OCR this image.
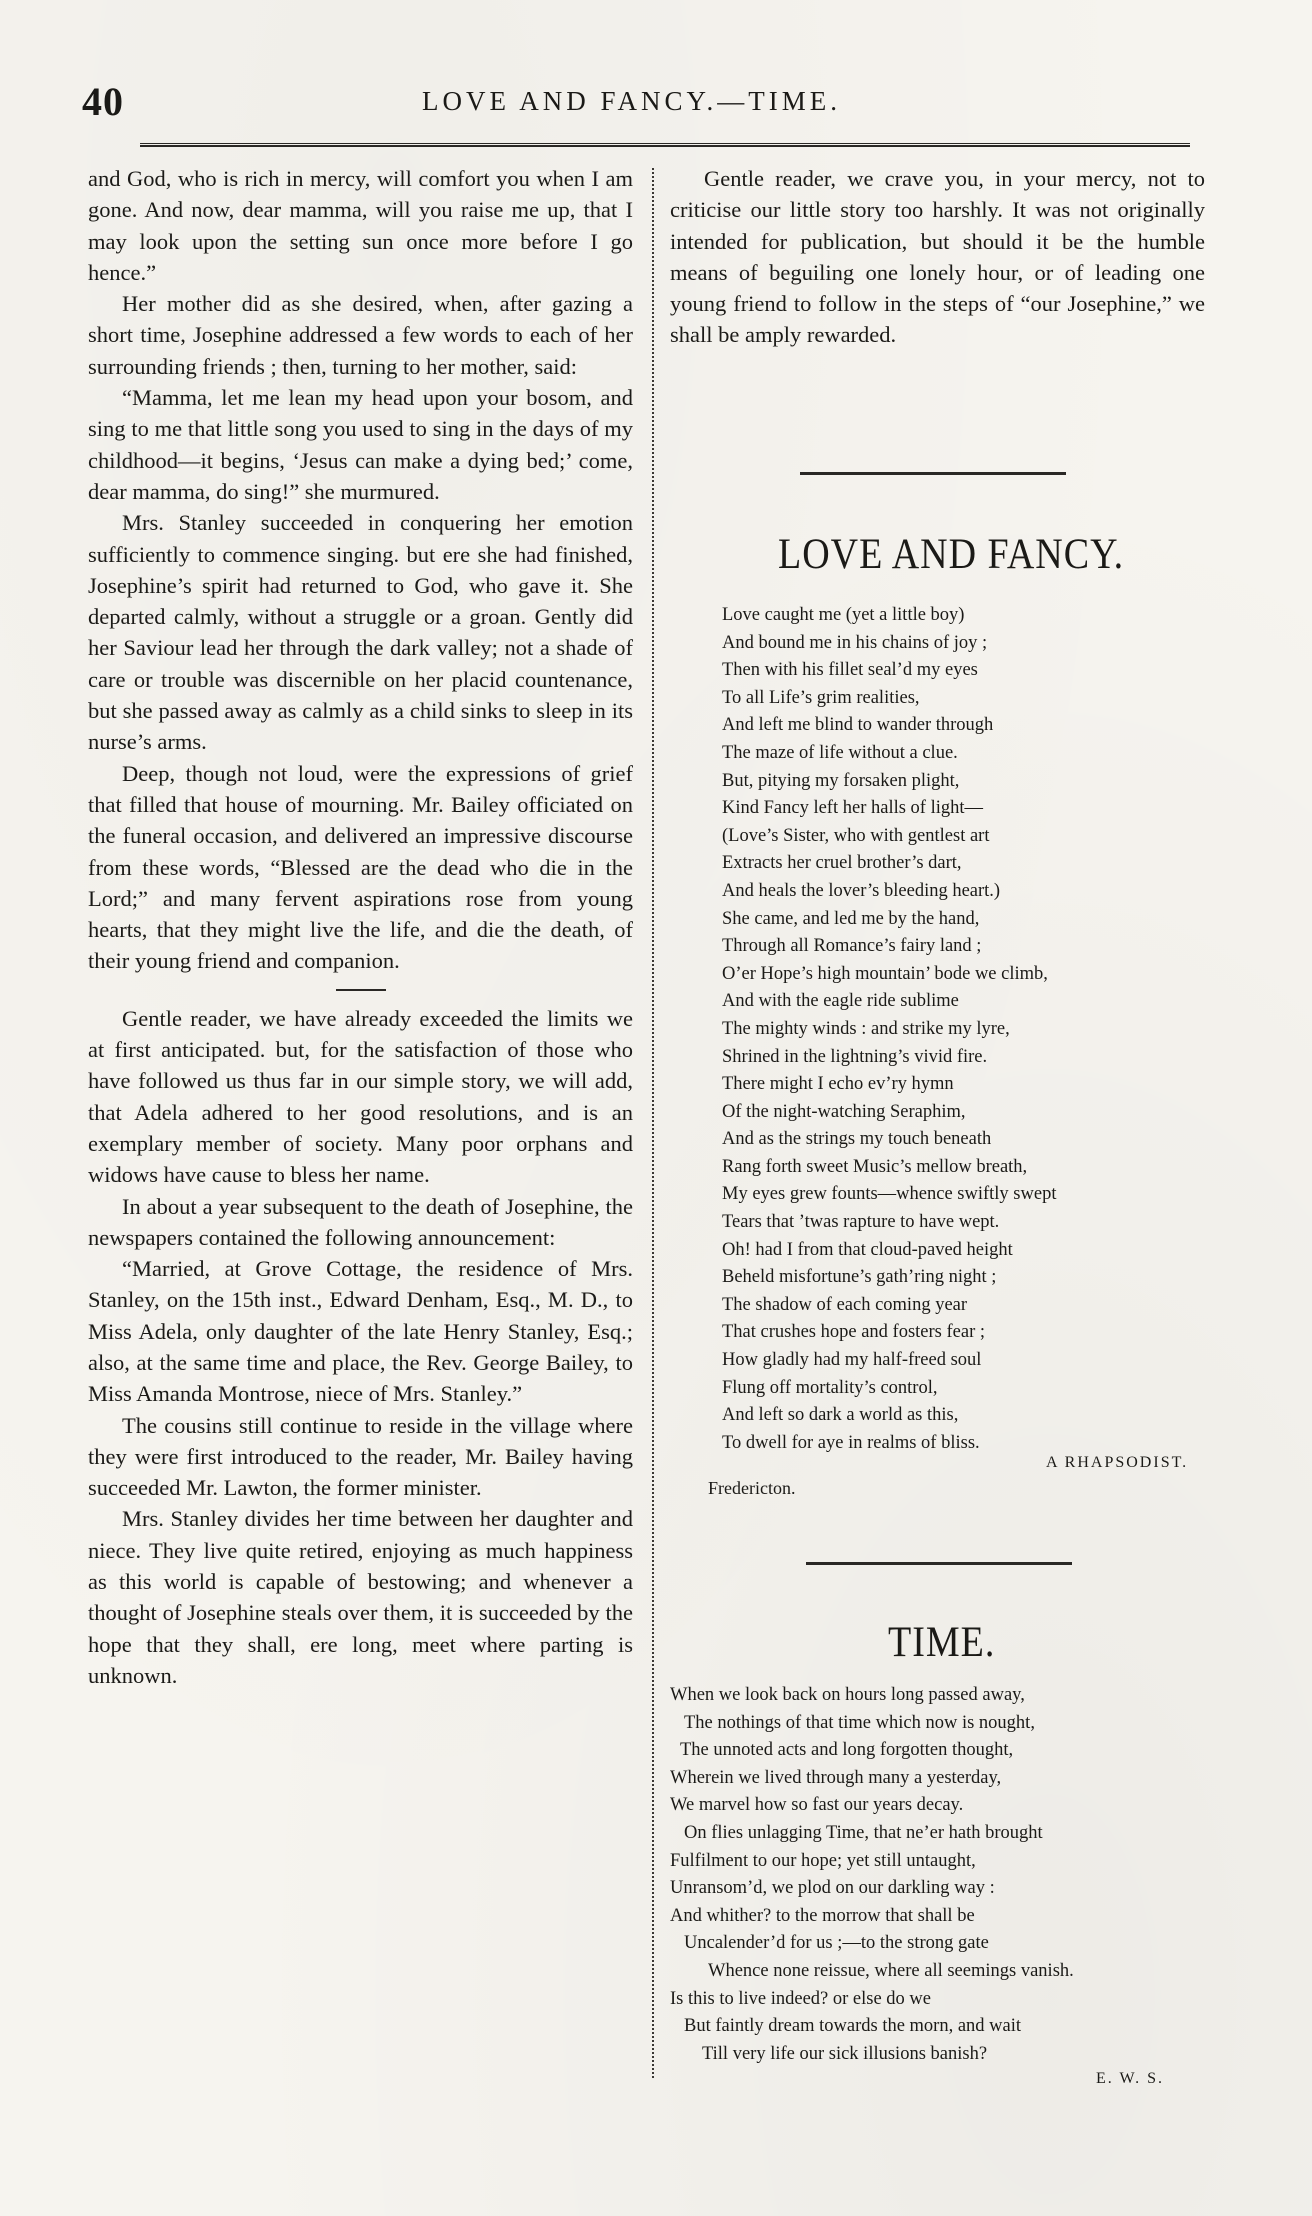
40	LOVE AND FANCY.—TIME.

and God, who is rich in mercy, will comfort you when I am gone. And now, dear mamma, will you raise me up, that I may look upon the setting sun once more before I go hence.”

Her mother did as she desired, when, after gazing a short time, Josephine addressed a few words to each of her surrounding friends ; then, turning to her mother, said:

“Mamma, let me lean my head upon your bosom, and sing to me that little song you used to sing in the days of my childhood—it begins, ‘Jesus can make a dying bed;’ come, dear mamma, do sing!” she murmured.

Mrs. Stanley succeeded in conquering her emotion sufficiently to commence singing. but ere she had finished, Josephine’s spirit had returned to God, who gave it. She departed calmly, without a struggle or a groan. Gently did her Saviour lead her through the dark valley; not a shade of care or trouble was discernible on her placid countenance, but she passed away as calmly as a child sinks to sleep in its nurse’s arms.

Deep, though not loud, were the expressions of grief that filled that house of mourning. Mr. Bailey officiated on the funeral occasion, and delivered an impressive discourse from these words, “Blessed are the dead who die in the Lord;” and many fervent aspirations rose from young hearts, that they might live the life, and die the death, of their young friend and companion.

Gentle reader, we have already exceeded the limits we at first anticipated. but, for the satisfaction of those who have followed us thus far in our simple story, we will add, that Adela adhered to her good resolutions, and is an exemplary member of society. Many poor orphans and widows have cause to bless her name.

In about a year subsequent to the death of Josephine, the newspapers contained the following announcement:

“Married, at Grove Cottage, the residence of Mrs. Stanley, on the 15th inst., Edward Denham, Esq., M. D., to Miss Adela, only daughter of the late Henry Stanley, Esq.; also, at the same time and place, the Rev. George Bailey, to Miss Amanda Montrose, niece of Mrs. Stanley.”

The cousins still continue to reside in the village where they were first introduced to the reader, Mr. Bailey having succeeded Mr. Lawton, the former minister.

Mrs. Stanley divides her time between her daughter and niece. They live quite retired, enjoying as much happiness as this world is capable of bestowing; and whenever a thought of Josephine steals over them, it is succeeded by the hope that they shall, ere long, meet where parting is unknown.

Gentle reader, we crave you, in your mercy, not to criticise our little story too harshly. It was not originally intended for publication, but should it be the humble means of beguiling one lonely hour, or of leading one young friend to follow in the steps of “our Josephine,” we shall be amply rewarded.

LOVE AND FANCY.
Love caught me (yet a little boy)
And bound me in his chains of joy ;
Then with his fillet seal’d my eyes
To all Life’s grim realities,
And left me blind to wander through
The maze of life without a clue.
But, pitying my forsaken plight,
Kind Fancy left her halls of light—
(Love’s Sister, who with gentlest art
Extracts her cruel brother’s dart,
And heals the lover’s bleeding heart.)
She came, and led me by the hand,
Through all Romance’s fairy land ;
O’er Hope’s high mountain’ bode we climb,
And with the eagle ride sublime
The mighty winds : and strike my lyre,
Shrined in the lightning’s vivid fire.
There might I echo ev’ry hymn
Of the night-watching Seraphim,
And as the strings my touch beneath
Rang forth sweet Music’s mellow breath,
My eyes grew founts—whence swiftly swept
Tears that ’twas rapture to have wept.
Oh! had I from that cloud-paved height
Beheld misfortune’s gath’ring night ;
The shadow of each coming year
That crushes hope and fosters fear ;
How gladly had my half-freed soul
Flung off mortality’s control,
And left so dark a world as this,
To dwell for aye in realms of bliss.
A RHAPSODIST.
Fredericton.
TIME.
When we look back on hours long passed away,
The nothings of that time which now is nought,
The unnoted acts and long forgotten thought,
Wherein we lived through many a yesterday,
We marvel how so fast our years decay.
On flies unlagging Time, that ne’er hath brought
Fulfilment to our hope; yet still untaught,
Unransom’d, we plod on our darkling way :
And whither? to the morrow that shall be
Uncalender’d for us ;—to the strong gate
Whence none reissue, where all seemings vanish.
Is this to live indeed? or else do we
But faintly dream towards the morn, and wait
Till very life our sick illusions banish?
E. W. S.
